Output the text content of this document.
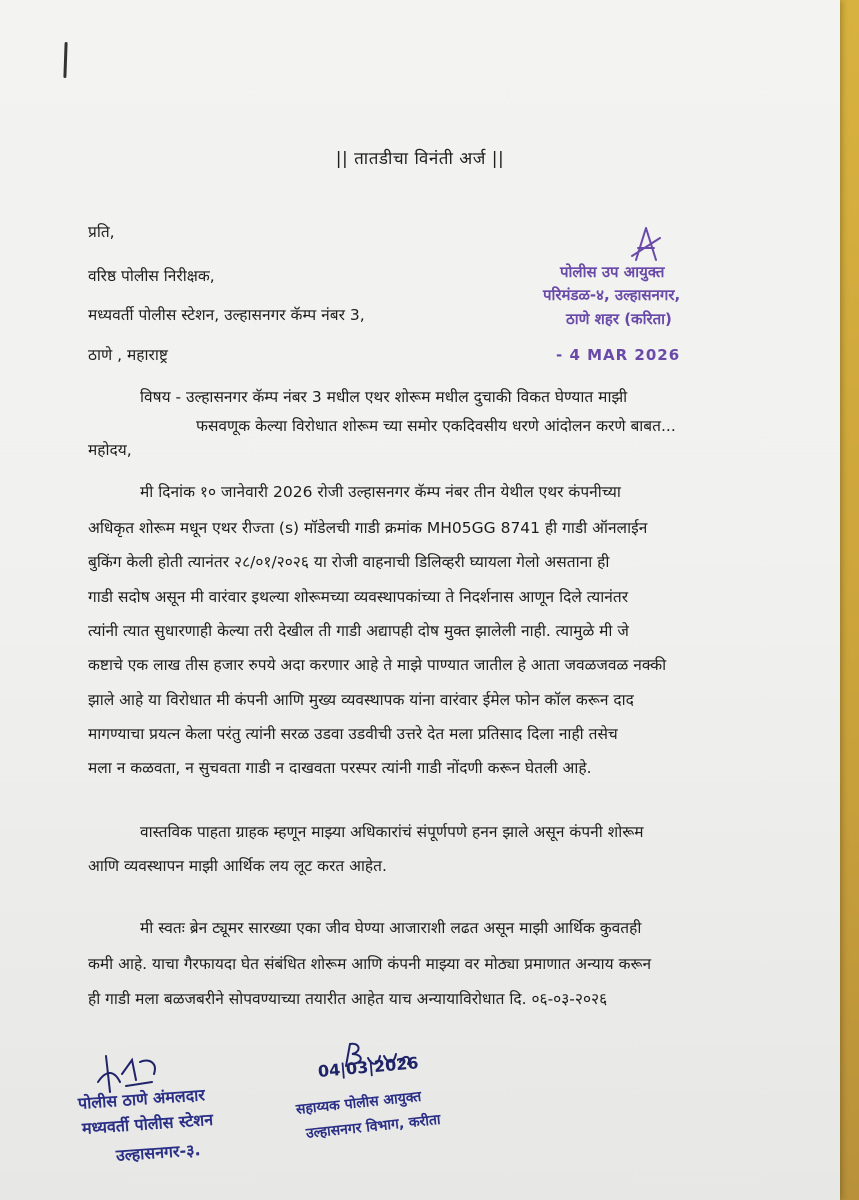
|| तातडीचा विनंती अर्ज ||
प्रति,
वरिष्ठ पोलीस निरीक्षक,
मध्यवर्ती पोलीस स्टेशन, उल्हासनगर कॅम्प नंबर 3,
ठाणे , महाराष्ट्र
विषय - उल्हासनगर कॅम्प नंबर 3 मधील एथर शोरूम मधील दुचाकी विकत घेण्यात माझी
फसवणूक केल्या विरोधात शोरूम च्या समोर एकदिवसीय धरणे आंदोलन करणे बाबत...
महोदय,
मी दिनांक १० जानेवारी 2026 रोजी उल्हासनगर कॅम्प नंबर तीन येथील एथर कंपनीच्या
अधिकृत शोरूम मधून एथर रीज्ता (s) मॉडेलची गाडी क्रमांक MH05GG 8741 ही गाडी ऑनलाईन
बुकिंग केली होती त्यानंतर २८/०१/२०२६ या रोजी वाहनाची डिलिव्हरी घ्यायला गेलो असताना ही
गाडी सदोष असून मी वारंवार इथल्या शोरूमच्या व्यवस्थापकांच्या ते निदर्शनास आणून दिले त्यानंतर
त्यांनी त्यात सुधारणाही केल्या तरी देखील ती गाडी अद्यापही दोष मुक्त झालेली नाही. त्यामुळे मी जे
कष्टाचे एक लाख तीस हजार रुपये अदा करणार आहे ते माझे पाण्यात जातील हे आता जवळजवळ नक्की
झाले आहे या विरोधात मी कंपनी आणि मुख्य व्यवस्थापक यांना वारंवार ईमेल फोन कॉल करून दाद
मागण्याचा प्रयत्न केला परंतु त्यांनी सरळ उडवा उडवीची उत्तरे देत मला प्रतिसाद दिला नाही तसेच
मला न कळवता, न सुचवता गाडी न दाखवता परस्पर त्यांनी गाडी नोंदणी करून घेतली आहे.
वास्तविक पाहता ग्राहक म्हणून माझ्या अधिकारांचं संपूर्णपणे हनन झाले असून कंपनी शोरूम
आणि व्यवस्थापन माझी आर्थिक लय लूट करत आहेत.
मी स्वतः ब्रेन ट्यूमर सारख्या एका जीव घेण्या आजाराशी लढत असून माझी आर्थिक कुवतही
कमी आहे. याचा गैरफायदा घेत संबंधित शोरूम आणि कंपनी माझ्या वर मोठ्या प्रमाणात अन्याय करून
ही गाडी मला बळजबरीने सोपवण्याच्या तयारीत आहेत याच अन्यायाविरोधात दि. ०६-०३-२०२६
पोलीस उप आयुक्त
परिमंडळ-४, उल्हासनगर,
ठाणे शहर (करिता)
- 4 MAR 2026
पोलीस ठाणे अंमलदार
मध्यवर्ती पोलीस स्टेशन
उल्हासनगर-३.
04|03|2026
सहाय्यक पोलीस आयुक्त
उल्हासनगर विभाग, करीता
